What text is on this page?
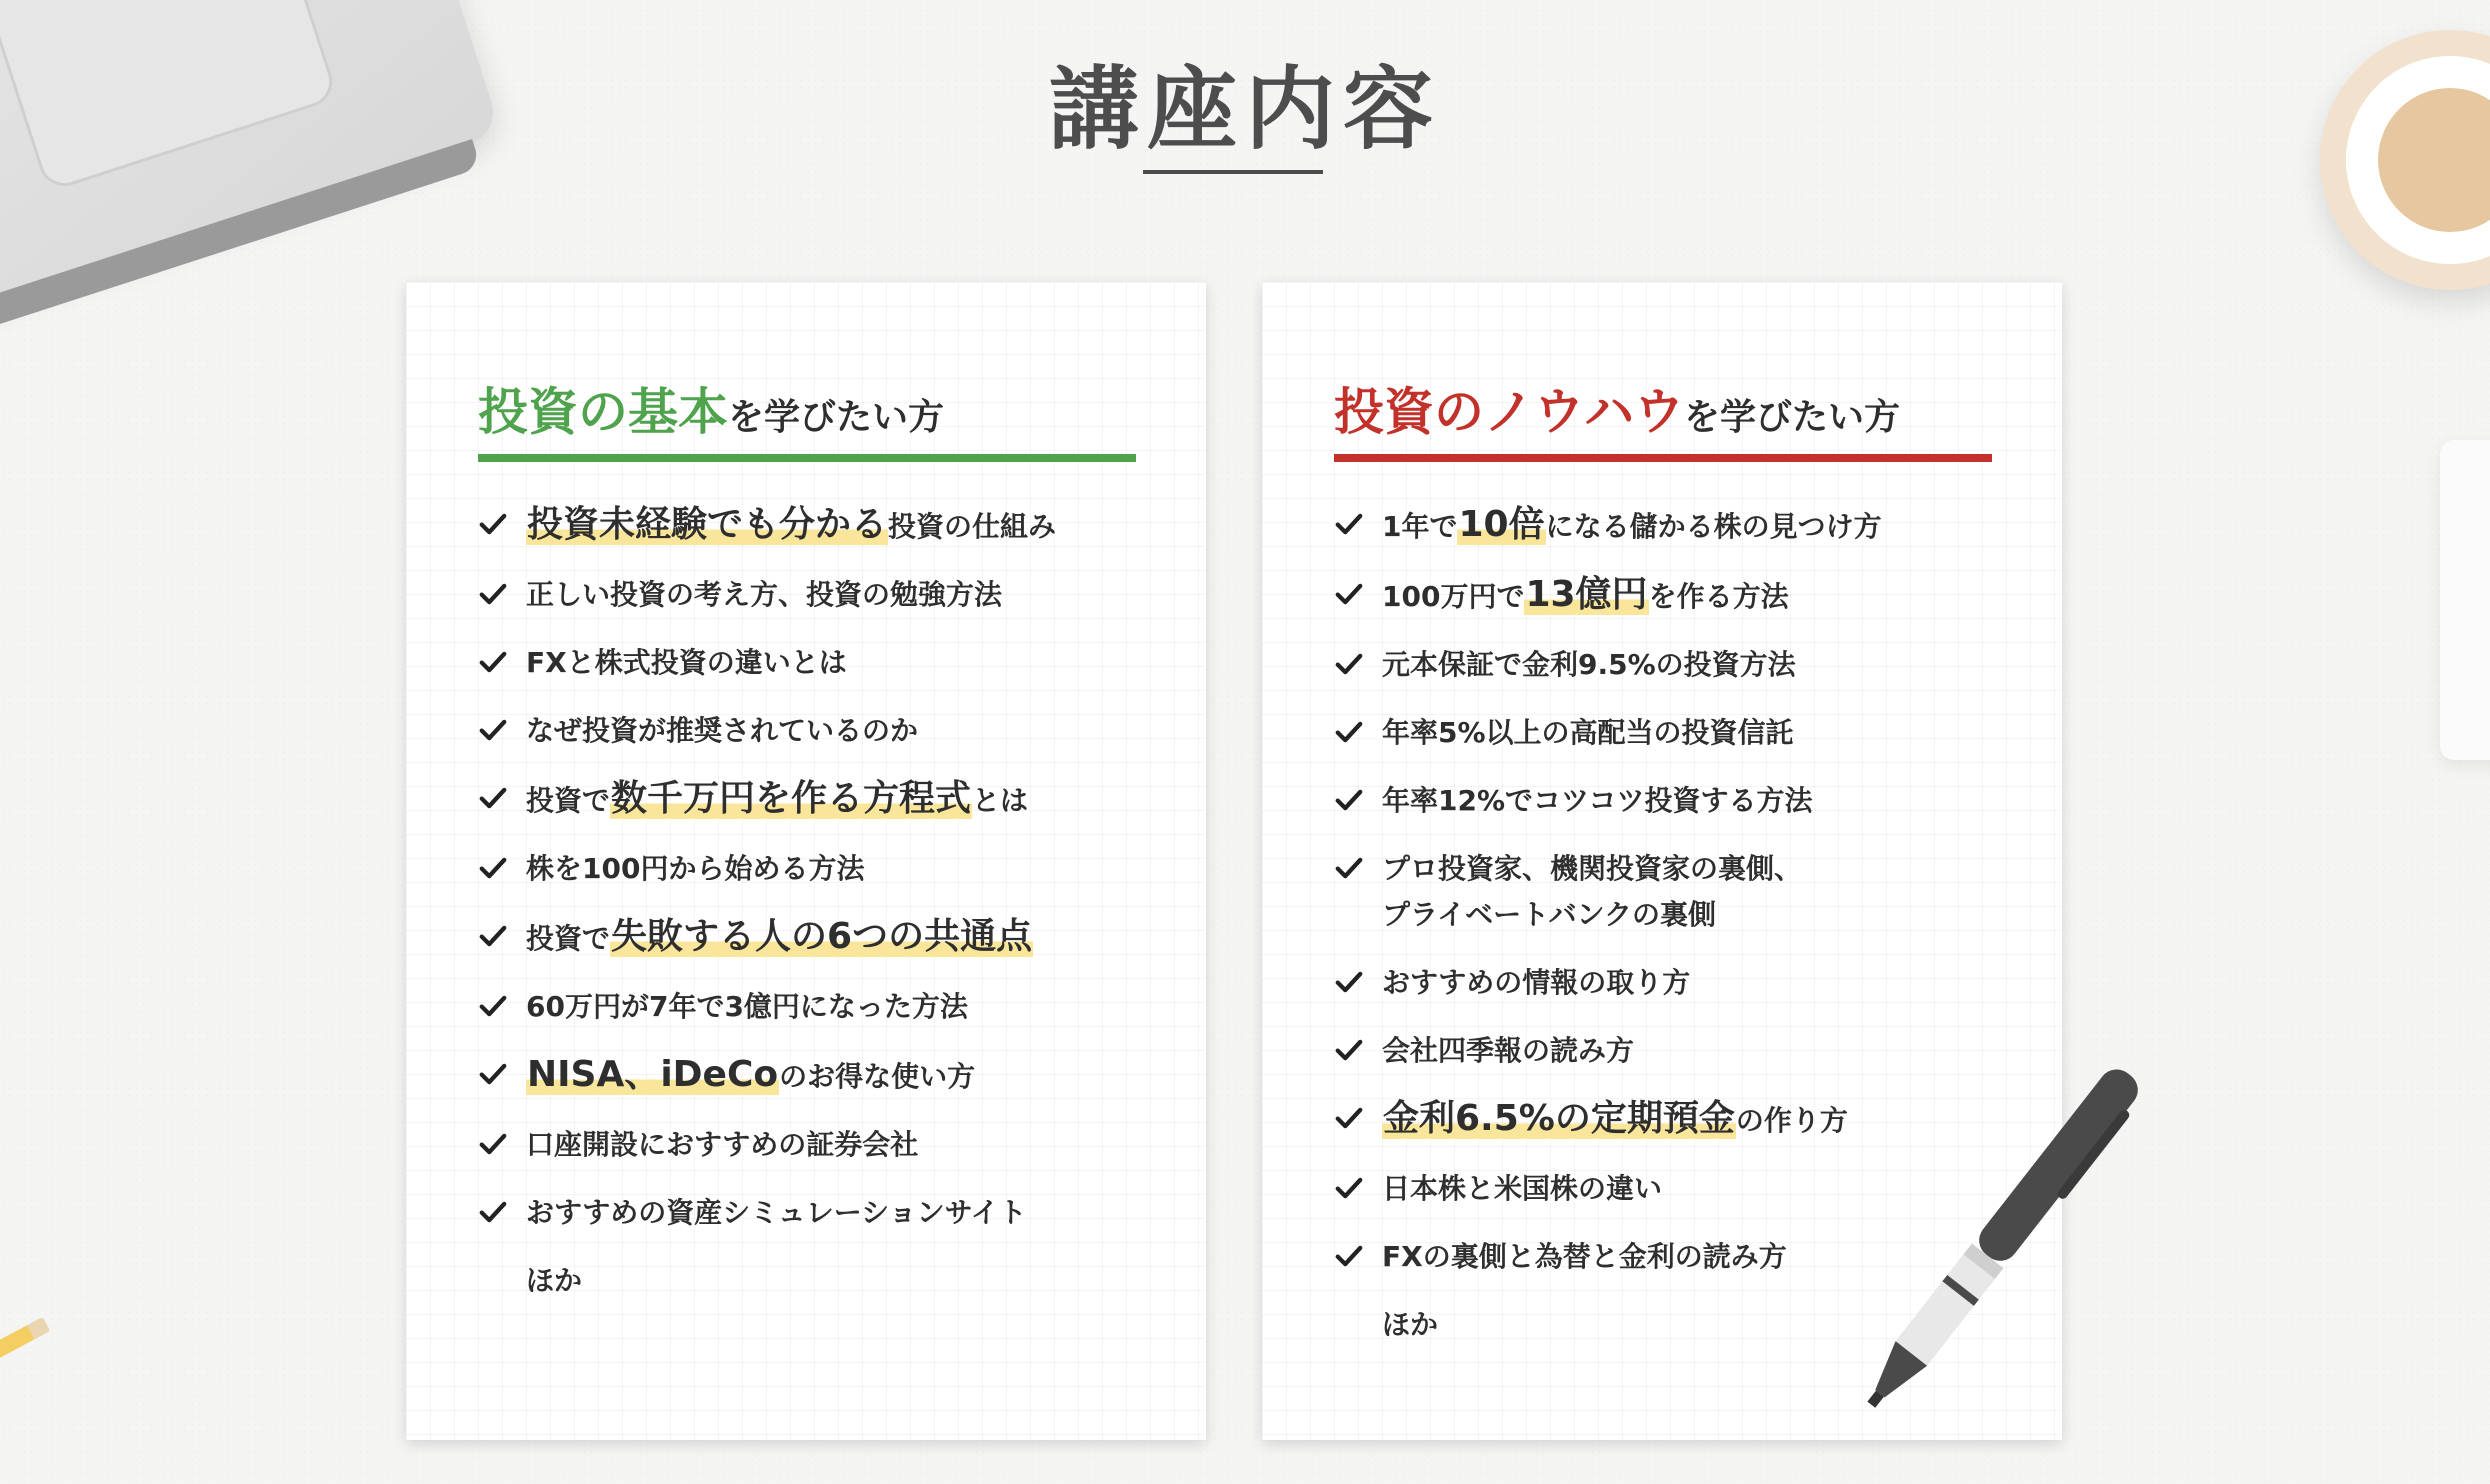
講座内容
投資の基本を学びたい方
投資未経験でも分かる投資の仕組み
正しい投資の考え方、投資の勉強方法
FXと株式投資の違いとは
なぜ投資が推奨されているのか
投資で数千万円を作る方程式とは
株を100円から始める方法
投資で失敗する人の6つの共通点
60万円が7年で3億円になった方法
NISA、iDeCoのお得な使い方
口座開設におすすめの証券会社
おすすめの資産シミュレーションサイト
ほか
投資のノウハウを学びたい方
1年で10倍になる儲かる株の見つけ方
100万円で13億円を作る方法
元本保証で金利9.5%の投資方法
年率5%以上の高配当の投資信託
年率12%でコツコツ投資する方法
プロ投資家、機関投資家の裏側、
プライベートバンクの裏側
おすすめの情報の取り方
会社四季報の読み方
金利6.5%の定期預金の作り方
日本株と米国株の違い
FXの裏側と為替と金利の読み方
ほか
